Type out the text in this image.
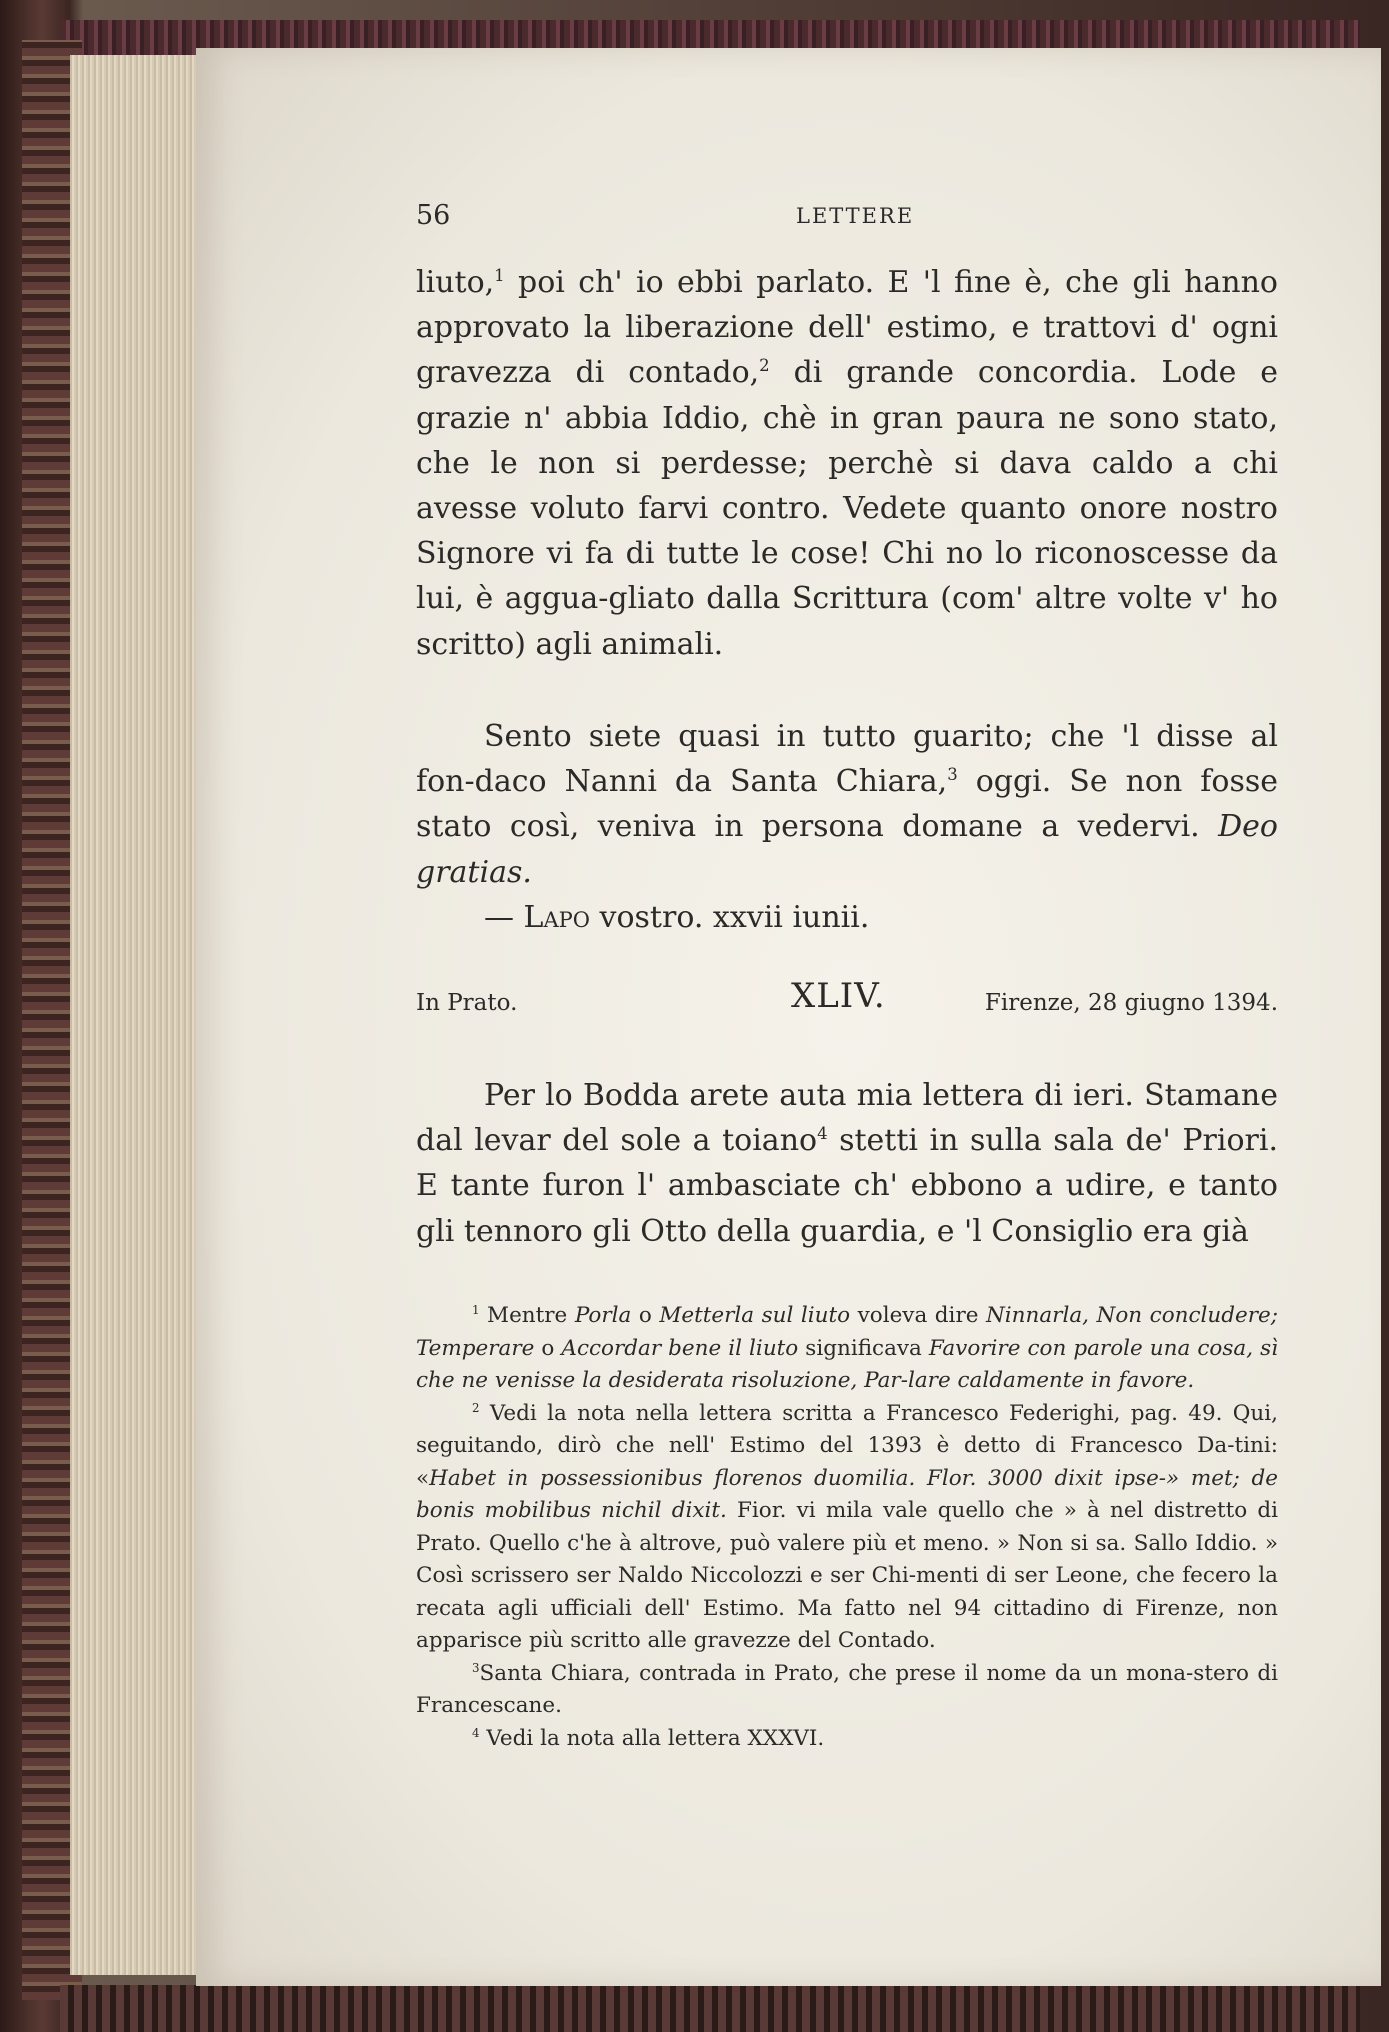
56	LETTERE
liuto,$^1$ poi ch' io ebbi parlato. E 'l fine è, che gli hanno approvato la liberazione dell' estimo, e trattovi d' ogni gravezza di contado,$^2$ di grande concordia. Lode e grazie n' abbia Iddio, chè in gran paura ne sono stato, che le non si perdesse; perchè si dava caldo a chi avesse voluto farvi contro. Vedete quanto onore nostro Signore vi fa di tutte le cose! Chi no lo riconoscesse da lui, è aggua-gliato dalla Scrittura (com' altre volte v' ho scritto) agli animali.
Sento siete quasi in tutto guarito; che 'l disse al fon-daco Nanni da Santa Chiara,$^3$ oggi. Se non fosse stato così, veniva in persona domane a vedervi. Deo gratias.
— Lapo vostro. xxvii iunii.
In Prato.	XLIV.	Firenze, 28 giugno 1394.
Per lo Bodda arete auta mia lettera di ieri. Stamane dal levar del sole a toiano$^4$ stetti in sulla sala de' Priori. E tante furon l' ambasciate ch' ebbono a udire, e tanto gli tennoro gli Otto della guardia, e 'l Consiglio era già

$^1$ Mentre Porla o Metterla sul liuto voleva dire Ninnarla, Non concludere; Temperare o Accordar bene il liuto significava Favorire con parole una cosa, sì che ne venisse la desiderata risoluzione, Par-lare caldamente in favore.

$^2$ Vedi la nota nella lettera scritta a Francesco Federighi, pag. 49. Qui, seguitando, dirò che nell' Estimo del 1393 è detto di Francesco Da-tini: «Habet in possessionibus florenos duomilia. Flor. 3000 dixit ipse-» met; de bonis mobilibus nichil dixit. Fior. vi mila vale quello che » à nel distretto di Prato. Quello c'he à altrove, può valere più et meno. » Non si sa. Sallo Iddio. » Così scrissero ser Naldo Niccolozzi e ser Chi-menti di ser Leone, che fecero la recata agli ufficiali dell' Estimo. Ma fatto nel 94 cittadino di Firenze, non apparisce più scritto alle gravezze del Contado.

$^3$Santa Chiara, contrada in Prato, che prese il nome da un mona-stero di Francescane.

$^4$ Vedi la nota alla lettera XXXVI.
